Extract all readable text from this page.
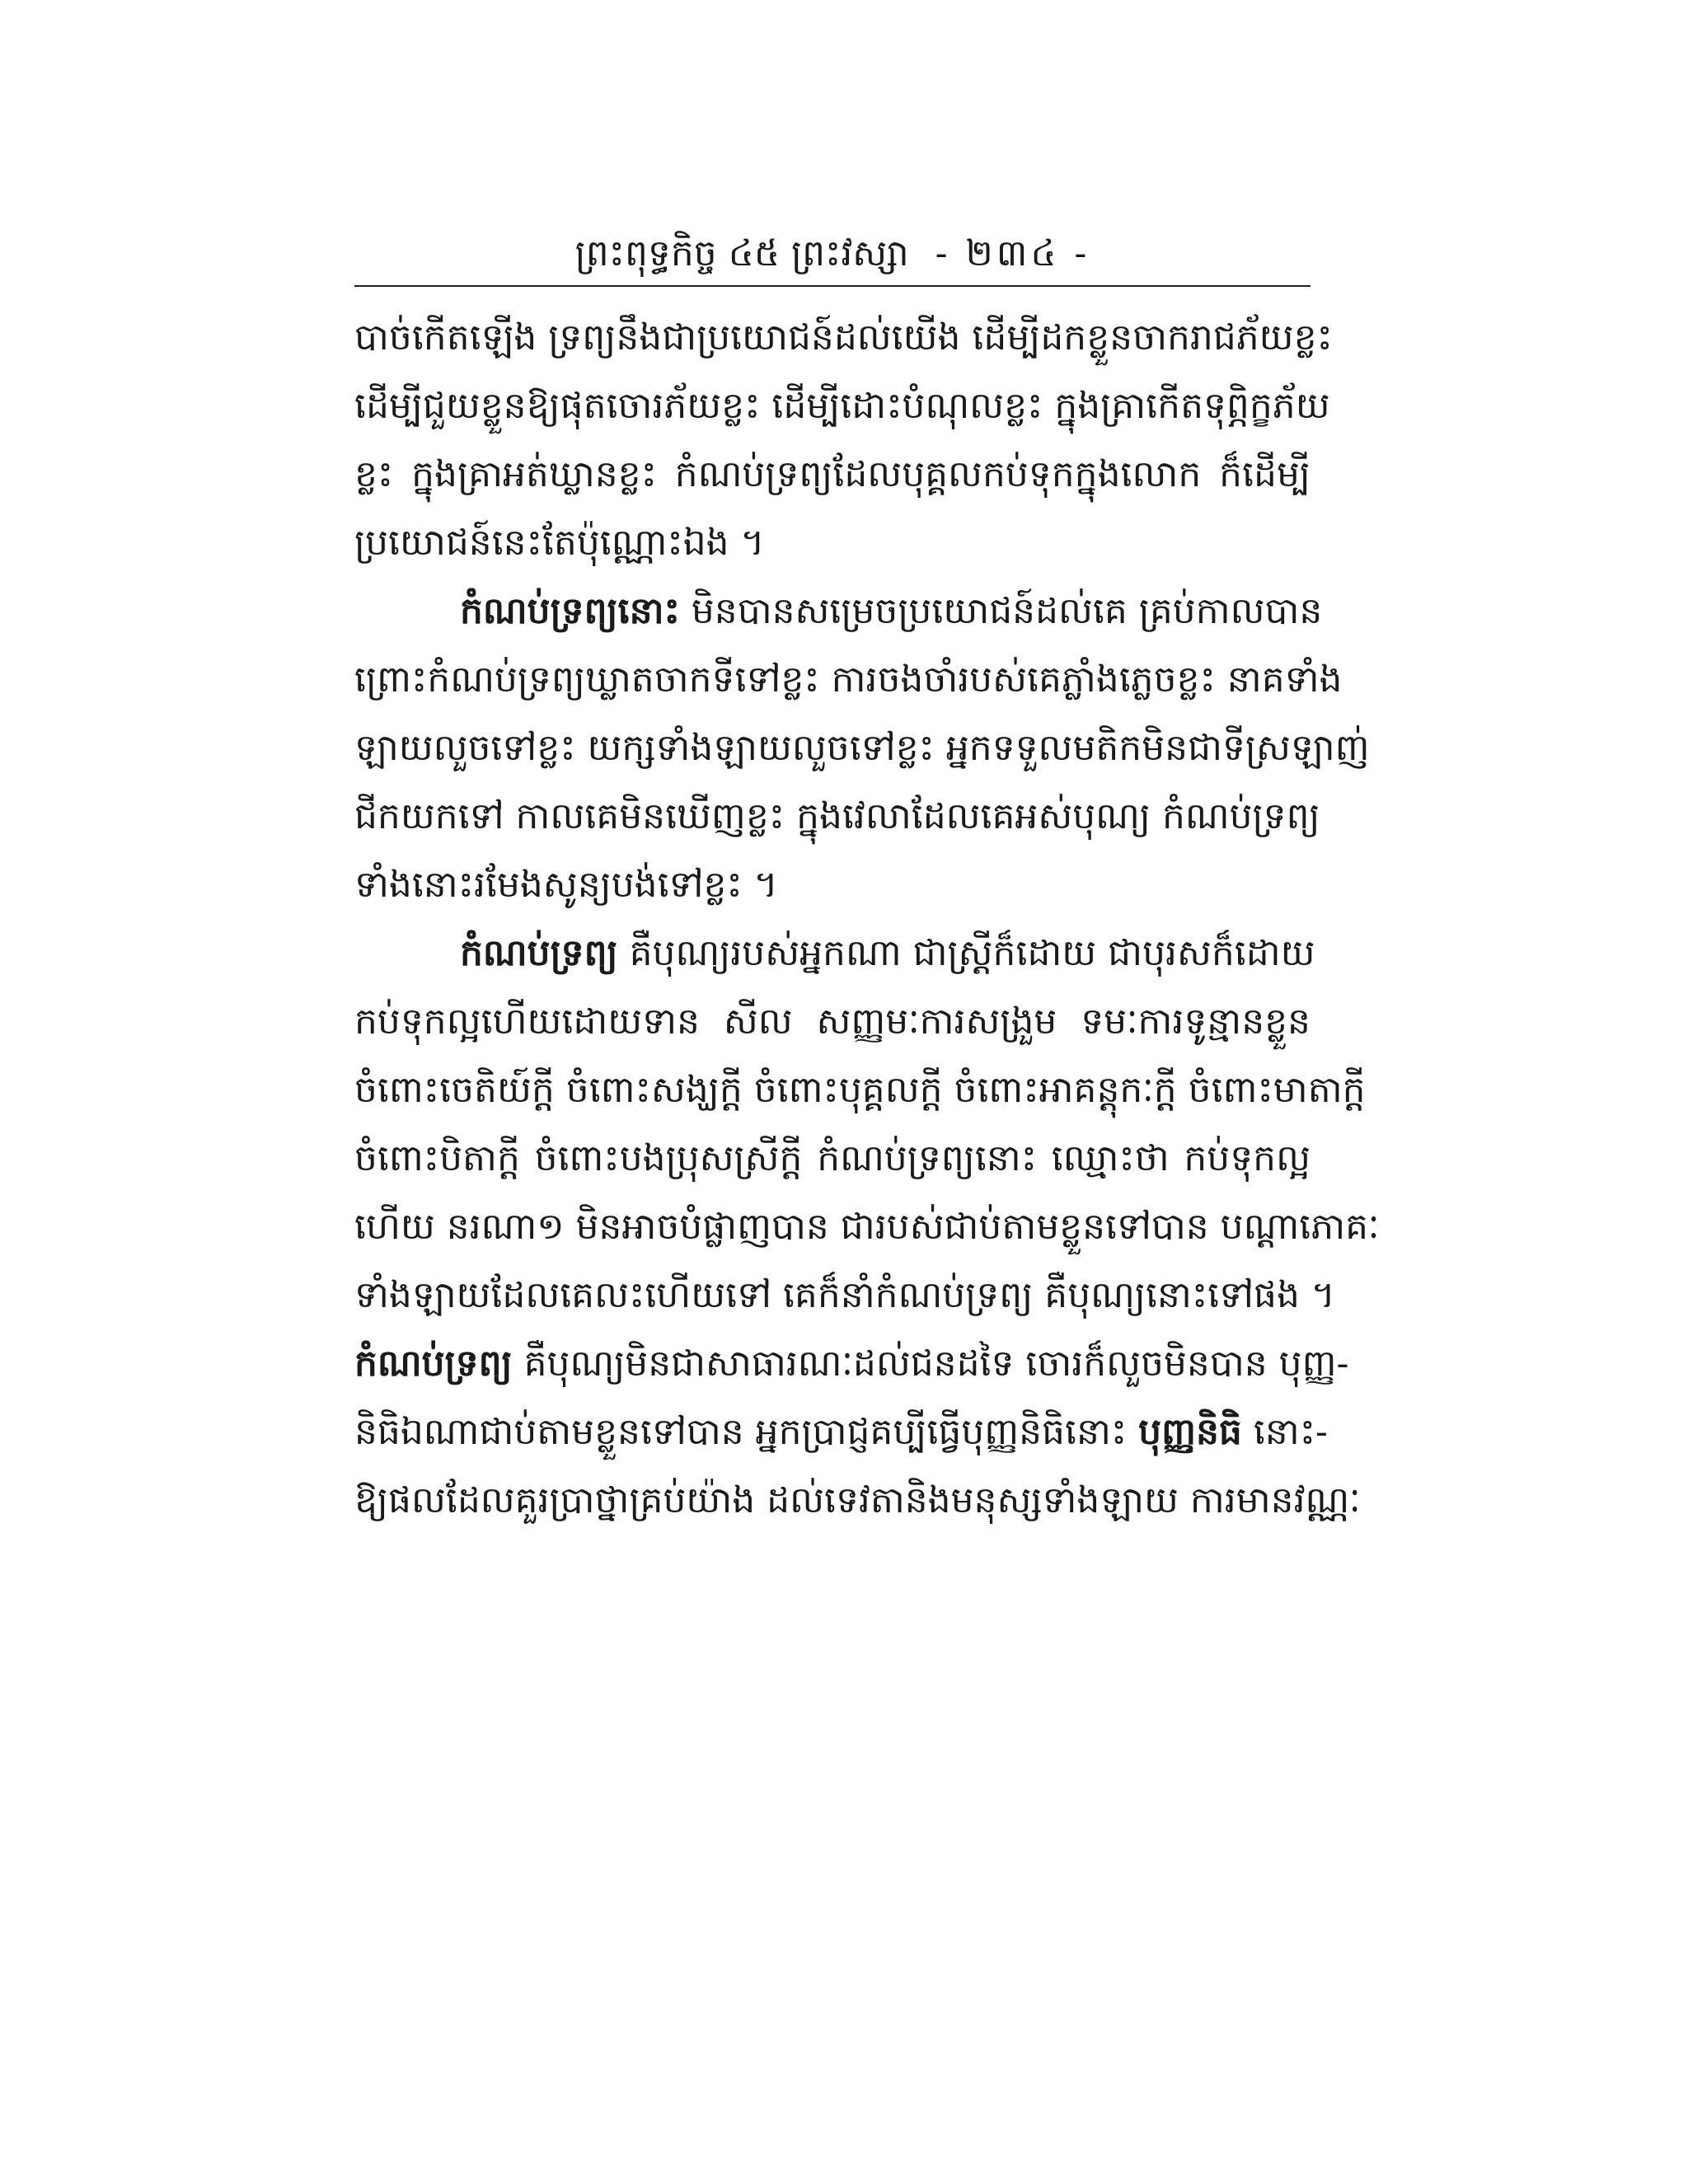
ព្រះពុទ្ធកិច្ច ៤៥ ព្រះវស្សា - ២៣៤ -
បាច់កើតឡើង ទ្រព្យនឹងជាប្រយោជន៍ដល់យើង ដើម្បីដកខ្លួនចាករាជភ័យខ្លះ
ដើម្បីជួយខ្លួនឱ្យផុតចោរភ័យខ្លះ ដើម្បីដោះបំណុលខ្លះ ក្នុងគ្រាកើតទុព្ភិក្ខភ័យ
ខ្លះ ក្នុងគ្រាអត់ឃ្លានខ្លះ កំណប់ទ្រព្យដែលបុគ្គលកប់ទុកក្នុងលោក ក៏ដើម្បី
ប្រយោជន៍នេះតែប៉ុណ្ណោះឯង ។
កំណប់ទ្រព្យនោះ មិនបានសម្រេចប្រយោជន៍ដល់គេ គ្រប់កាលបាន
ព្រោះកំណប់ទ្រព្យឃ្លាតចាកទីទៅខ្លះ ការចងចាំរបស់គេភ្លាំងភ្លេចខ្លះ នាគទាំង
ឡាយលួចទៅខ្លះ យក្សទាំងឡាយលួចទៅខ្លះ អ្នកទទួលមតិកមិនជាទីស្រឡាញ់
ជីកយកទៅ កាលគេមិនឃើញខ្លះ ក្នុងវេលាដែលគេអស់បុណ្យ កំណប់ទ្រព្យ
ទាំងនោះរមែងសូន្យបង់ទៅខ្លះ ។
កំណប់ទ្រព្យ គឺបុណ្យរបស់អ្នកណា ជាស្ត្រីក៏ដោយ ជាបុរសក៏ដោយ
កប់ទុកល្អហើយដោយទាន សីល សញ្ញមៈការសង្រួម ទមៈការទូន្មានខ្លួន
ចំពោះចេតិយ៍ក្តី ចំពោះសង្ឃក្តី ចំពោះបុគ្គលក្តី ចំពោះអាគន្តុកៈក្តី ចំពោះមាតាក្តី
ចំពោះបិតាក្តី ចំពោះបងប្រុសស្រីក្តី កំណប់ទ្រព្យនោះ ឈ្មោះថា កប់ទុកល្អ
ហើយ នរណា១ មិនអាចបំផ្លាញបាន ជារបស់ជាប់តាមខ្លួនទៅបាន បណ្តាភោគៈ
ទាំងឡាយដែលគេលះហើយទៅ គេក៏នាំកំណប់ទ្រព្យ គឺបុណ្យនោះទៅផង ។
កំណប់ទ្រព្យ គឺបុណ្យមិនជាសាធារណៈដល់ជនដទៃ ចោរក៏លួចមិនបាន បុញ្ញ-
និធិឯណាជាប់តាមខ្លួនទៅបាន អ្នកប្រាជ្ញគប្បីធ្វើបុញ្ញនិធិនោះ បុញ្ញនិធិ នោះ-
ឱ្យផលដែលគួរប្រាថ្នាគ្រប់យ៉ាង ដល់ទេវតានិងមនុស្សទាំងឡាយ ការមានវណ្ណៈ
